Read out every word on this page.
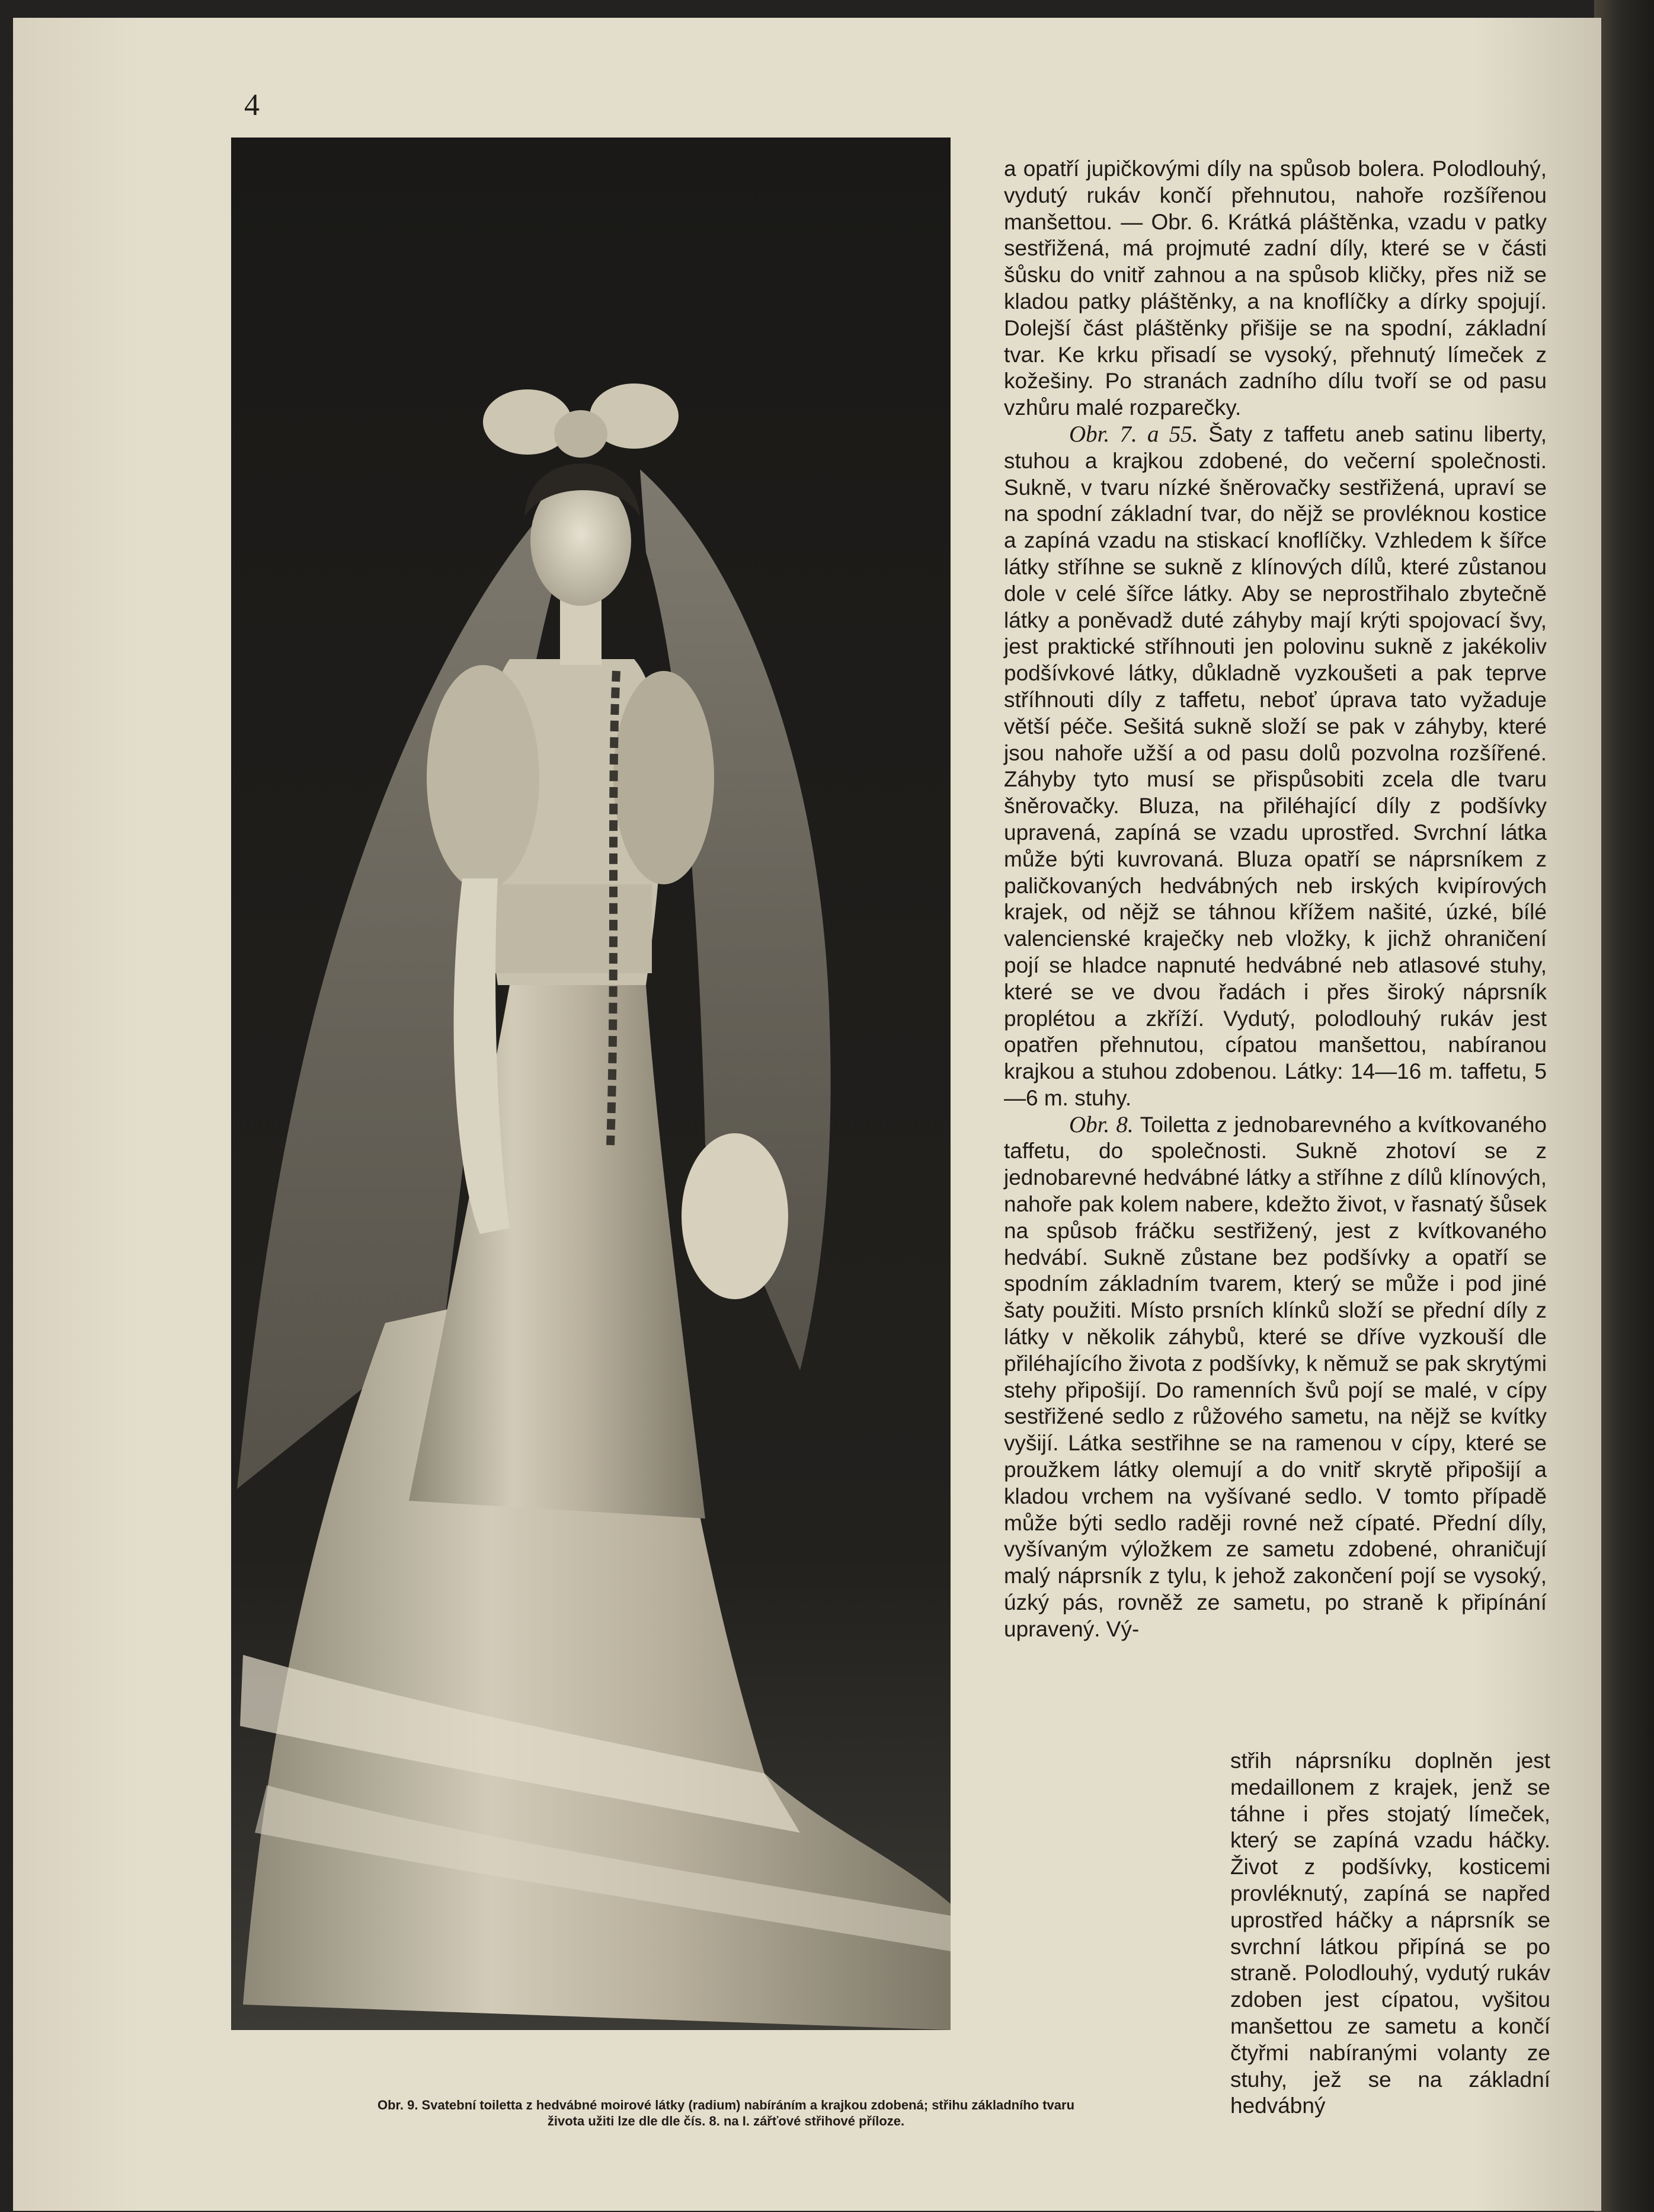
4
Obr. 9. Svatební toiletta z hedvábné moirové látky (radium) nabíráním a krajkou zdobená; střihu základního tvaru
života užiti lze dle dle čís. 8. na I. zářťové střihové příloze.

a opatří jupičkovými díly na spůsob bolera. Polodlouhý, vydutý rukáv končí přehnutou, nahoře rozšířenou manšettou. — Obr. 6. Krátká pláštěnka, vzadu v patky sestřižená, má projmuté zadní díly, které se v části šůsku do vnitř zahnou a na spůsob kličky, přes niž se kladou patky pláštěnky, a na knoflíčky a dírky spojují. Dolejší část pláštěnky přišije se na spodní, základní tvar. Ke krku přisadí se vysoký, přehnutý límeček z kožešiny. Po stranách zadního dílu tvoří se od pasu vzhůru malé rozparečky.

Obr. 7. a 55. Šaty z taffetu aneb satinu liberty, stuhou a krajkou zdobené, do večerní společnosti. Sukně, v tvaru nízké šněrovačky sestřižená, upraví se na spodní základní tvar, do nějž se provléknou kostice a zapíná vzadu na stiskací knoflíčky. Vzhledem k šířce látky stříhne se sukně z klínových dílů, které zůstanou dole v celé šířce látky. Aby se neprostřihalo zbytečně látky a poněvadž duté záhyby mají krýti spojovací švy, jest praktické stříhnouti jen polovinu sukně z jakékoliv podšívkové látky, důkladně vyzkoušeti a pak teprve stříhnouti díly z taffetu, neboť úprava tato vyžaduje větší péče. Sešitá sukně složí se pak v záhyby, které jsou nahoře užší a od pasu dolů pozvolna rozšířené. Záhyby tyto musí se přispůsobiti zcela dle tvaru šněrovačky. Bluza, na přiléhající díly z podšívky upravená, zapíná se vzadu uprostřed. Svrchní látka může býti kuvrovaná. Bluza opatří se náprsníkem z paličkovaných hedvábných neb irských kvipírových krajek, od nějž se táhnou křížem našité, úzké, bílé valencienské kraječky neb vložky, k jichž ohraničení pojí se hladce napnuté hedvábné neb atlasové stuhy, které se ve dvou řadách i přes široký náprsník proplétou a zkříží. Vydutý, polodlouhý rukáv jest opatřen přehnutou, cípatou manšettou, nabíranou krajkou a stuhou zdobenou. Látky: 14—16 m. taffetu, 5—6 m. stuhy.

Obr. 8. Toiletta z jednobarevného a kvítkovaného taffetu, do společnosti. Sukně zhotoví se z jednobarevné hedvábné látky a stříhne z dílů klínových, nahoře pak kolem nabere, kdežto život, v řasnatý šůsek na spůsob fráčku sestřižený, jest z kvítkovaného hedvábí. Sukně zůstane bez podšívky a opatří se spodním základním tvarem, který se může i pod jiné šaty použiti. Místo prsních klínků složí se přední díly z látky v několik záhybů, které se dříve vyzkouší dle přiléhajícího života z podšívky, k němuž se pak skrytými stehy připošijí. Do ramenních švů pojí se malé, v cípy sestřižené sedlo z růžového sametu, na nějž se kvítky vyšijí. Látka sestřihne se na ramenou v cípy, které se proužkem látky olemují a do vnitř skrytě připošijí a kladou vrchem na vyšívané sedlo. V tomto případě může býti sedlo raději rovné než cípaté. Přední díly, vyšívaným výložkem ze sametu zdobené, ohraničují malý náprsník z tylu, k jehož zakončení pojí se vysoký, úzký pás, rovněž ze sametu, po straně k připínání upravený. Vý-

střih náprsníku doplněn jest medaillonem z krajek, jenž se táhne i přes stojatý límeček, který se zapíná vzadu háčky. Život z podšívky, kosticemi provléknutý, zapíná se napřed uprostřed háčky a náprsník se svrchní látkou připíná se po straně. Polodlouhý, vydutý rukáv zdoben jest cípatou, vyšitou manšettou ze sametu a končí čtyřmi nabíranými volanty ze stuhy, jež se na základní hedvábný
